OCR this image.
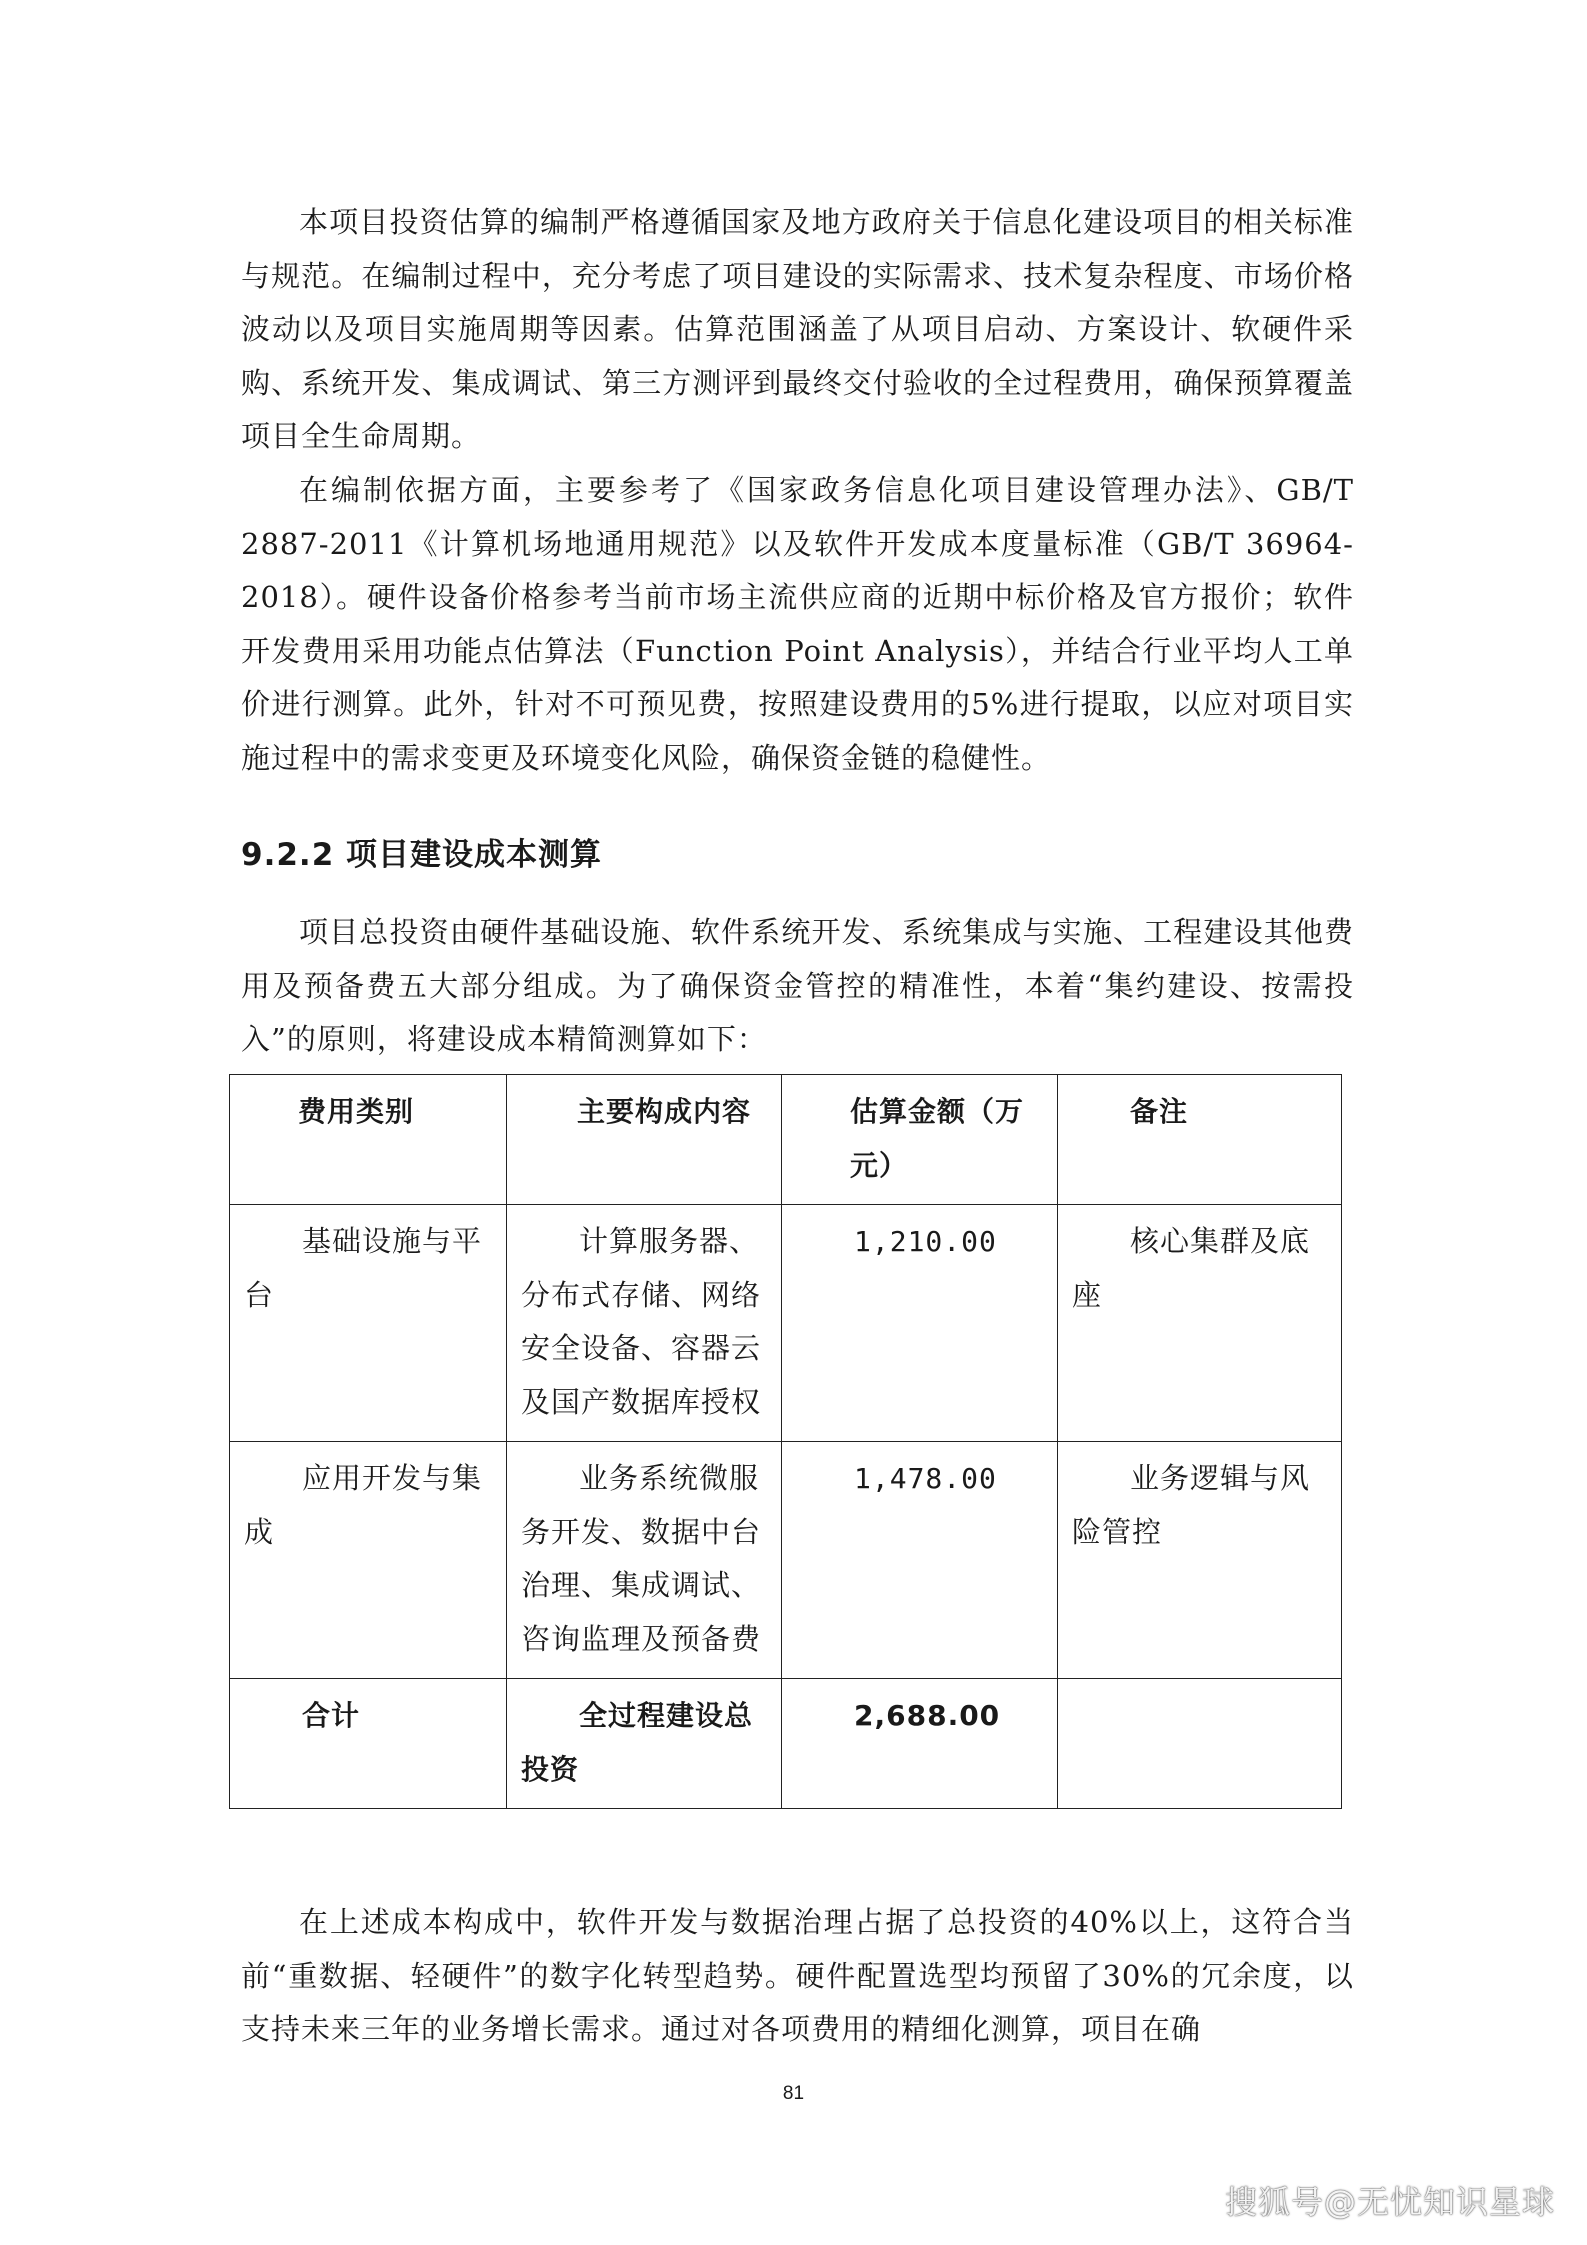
本项目投资估算的编制严格遵循国家及地方政府关于信息化建设项目的相关标准与规范。在编制过程中，充分考虑了项目建设的实际需求、技术复杂程度、市场价格波动以及项目实施周期等因素。估算范围涵盖了从项目启动、方案设计、软硬件采购、系统开发、集成调试、第三方测评到最终交付验收的全过程费用，确保预算覆盖项目全生命周期。

在编制依据方面，主要参考了《国家政务信息化项目建设管理办法》、GB/T 2887-2011《计算机场地通用规范》以及软件开发成本度量标准（GB/T 36964-2018）。硬件设备价格参考当前市场主流供应商的近期中标价格及官方报价；软件开发费用采用功能点估算法（Function Point Analysis），并结合行业平均人工单价进行测算。此外，针对不可预见费，按照建设费用的5%进行提取，以应对项目实施过程中的需求变更及环境变化风险，确保资金链的稳健性。

9.2.2 项目建设成本测算

项目总投资由硬件基础设施、软件系统开发、系统集成与实施、工程建设其他费用及预备费五大部分组成。为了确保资金管控的精准性，本着“集约建设、按需投入”的原则，将建设成本精简测算如下：

费用类别	主要构成内容	估算金额（万元）	备注
基础设施与平台	计算服务器、分布式存储、网络安全设备、容器云及国产数据库授权	1,210.00	核心集群及底座
应用开发与集成	业务系统微服务开发、数据中台治理、集成调试、咨询监理及预备费	1,478.00	业务逻辑与风险管控
合计	全过程建设总投资	2,688.00	

在上述成本构成中，软件开发与数据治理占据了总投资的40%以上，这符合当前“重数据、轻硬件”的数字化转型趋势。硬件配置选型均预留了30%的冗余度，以支持未来三年的业务增长需求。通过对各项费用的精细化测算，项目在确

81
搜狐号@无忧知识星球
